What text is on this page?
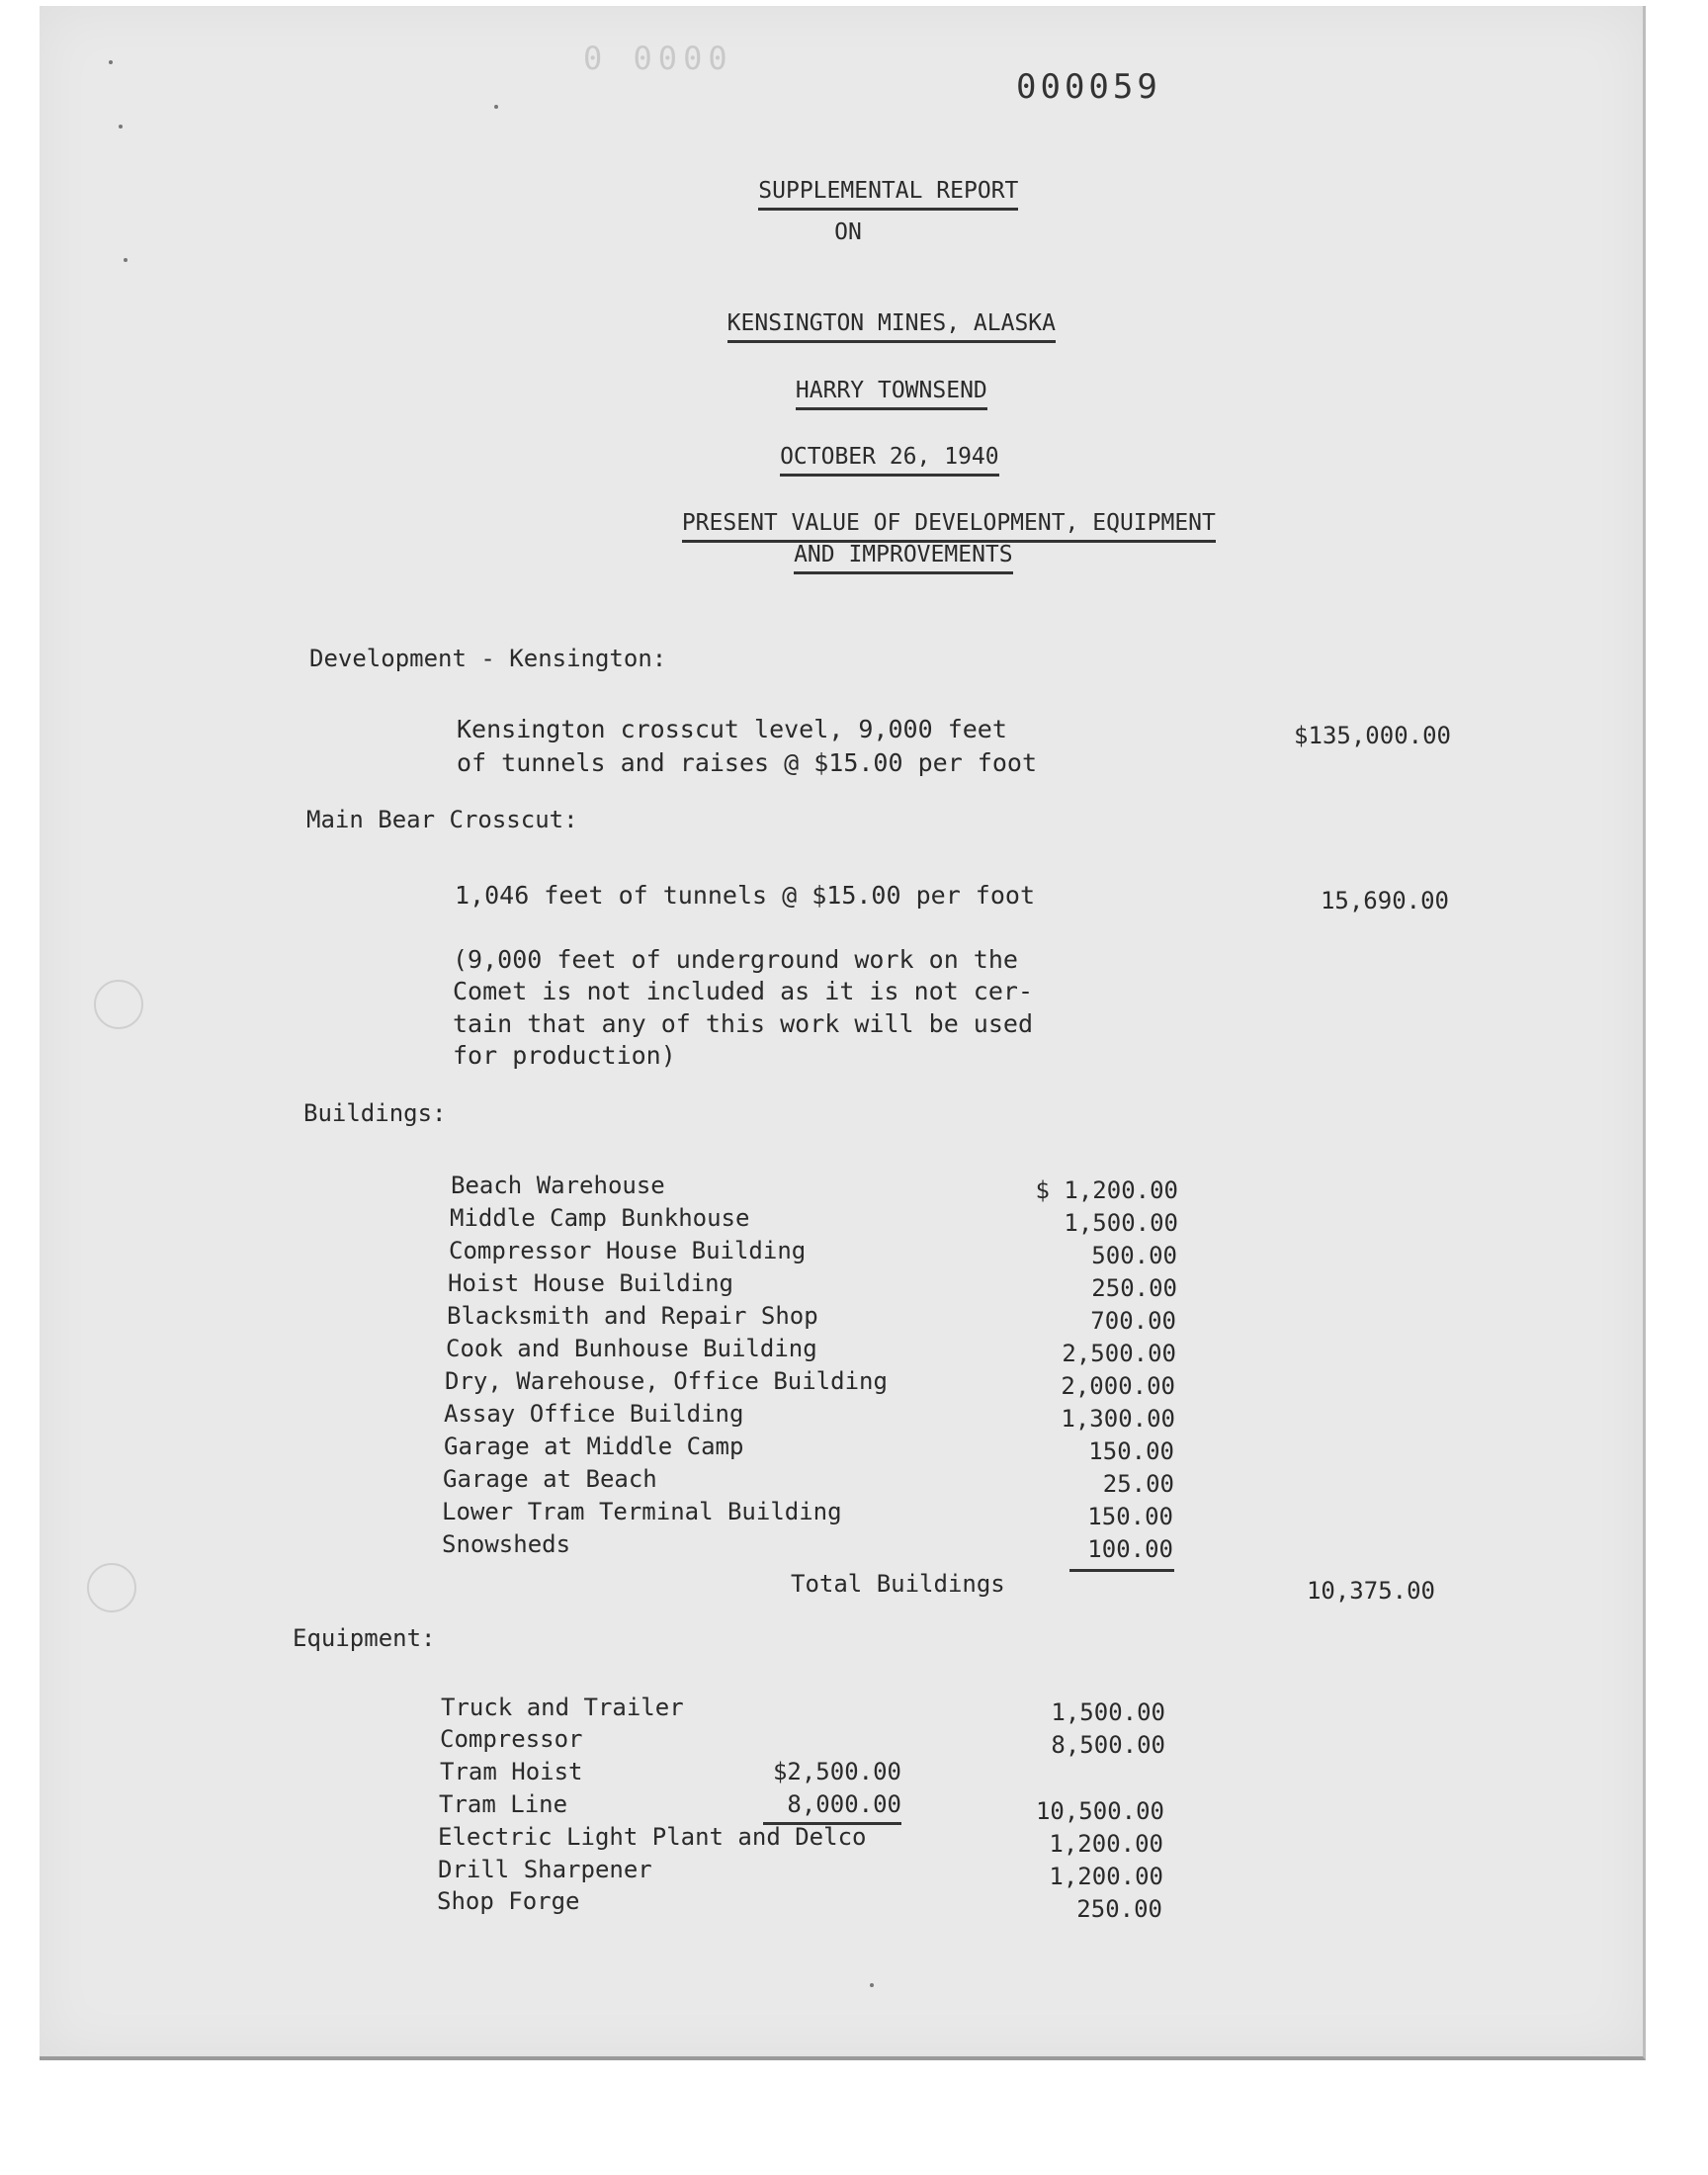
0 0000
000059

SUPPLEMENTAL REPORT

ON

KENSINGTON MINES, ALASKA

HARRY TOWNSEND

OCTOBER 26, 1940

PRESENT VALUE OF DEVELOPMENT, EQUIPMENT

AND IMPROVEMENTS

Development - Kensington:
Kensington crosscut level, 9,000 feet
of tunnels and raises @ $15.00 per foot
$135,000.00
Main Bear Crosscut:
1,046 feet of tunnels @ $15.00 per foot	15,690.00
(9,000 feet of underground work on the
Comet is not included as it is not cer-
tain that any of this work will be used
for production)
Buildings:
Beach Warehouse	$ 1,200.00
Middle Camp Bunkhouse	1,500.00
Compressor House Building	500.00
Hoist House Building	250.00
Blacksmith and Repair Shop	700.00
Cook and Bunhouse Building	2,500.00
Dry, Warehouse, Office Building	2,000.00
Assay Office Building	1,300.00
Garage at Middle Camp	150.00
Garage at Beach	25.00
Lower Tram Terminal Building	150.00
Snowsheds	100.00
Total Buildings	10,375.00
Equipment:
Truck and Trailer	1,500.00
Compressor	8,500.00
Tram Hoist	$2,500.00
Tram Line	8,000.00	10,500.00
Electric Light Plant and Delco	1,200.00
Drill Sharpener	1,200.00
Shop Forge	250.00
